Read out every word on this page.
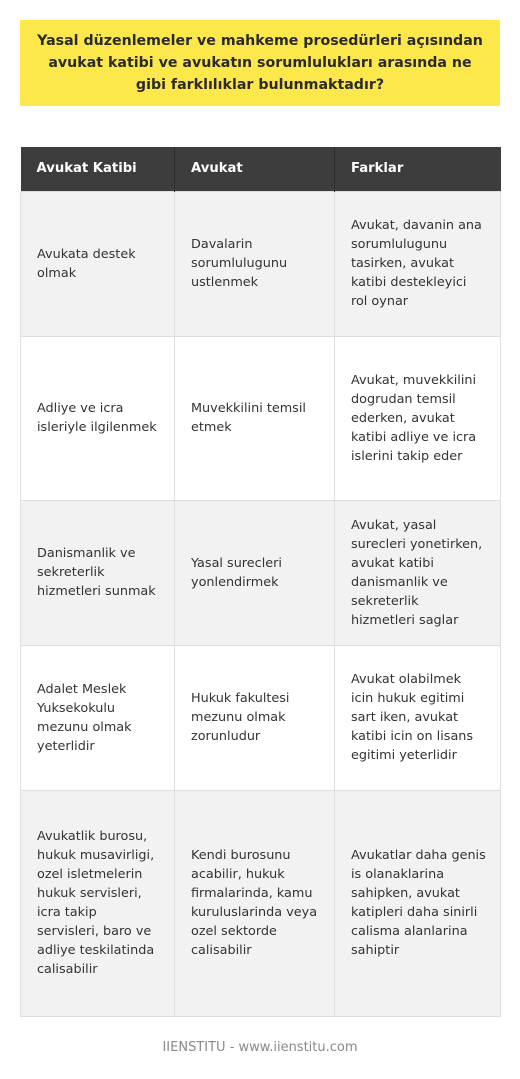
Yasal düzenlemeler ve mahkeme prosedürleri açısından avukat katibi ve avukatın sorumlulukları arasında ne gibi farklılıklar bulunmaktadır?
Avukat Katibi	Avukat	Farklar
Avukata destek olmak	Davalarin sorumlulugunu ustlenmek	Avukat, davanin ana sorumlulugunu tasirken, avukat katibi destekleyici rol oynar
Adliye ve icra isleriyle ilgilenmek	Muvekkilini temsil etmek	Avukat, muvekkilini dogrudan temsil ederken, avukat katibi adliye ve icra islerini takip eder
Danismanlik ve sekreterlik hizmetleri sunmak	Yasal surecleri yonlendirmek	Avukat, yasal surecleri yonetirken, avukat katibi danismanlik ve sekreterlik hizmetleri saglar
Adalet Meslek Yuksekokulu mezunu olmak yeterlidir	Hukuk fakultesi mezunu olmak zorunludur	Avukat olabilmek icin hukuk egitimi sart iken, avukat katibi icin on lisans egitimi yeterlidir
Avukatlik burosu, hukuk musavirligi, ozel isletmelerin hukuk servisleri, icra takip servisleri, baro ve adliye teskilatinda calisabilir	Kendi burosunu acabilir, hukuk firmalarinda, kamu kuruluslarinda veya ozel sektorde calisabilir	Avukatlar daha genis is olanaklarina sahipken, avukat katipleri daha sinirli calisma alanlarina sahiptir
IIENSTITU - www.iienstitu.com
